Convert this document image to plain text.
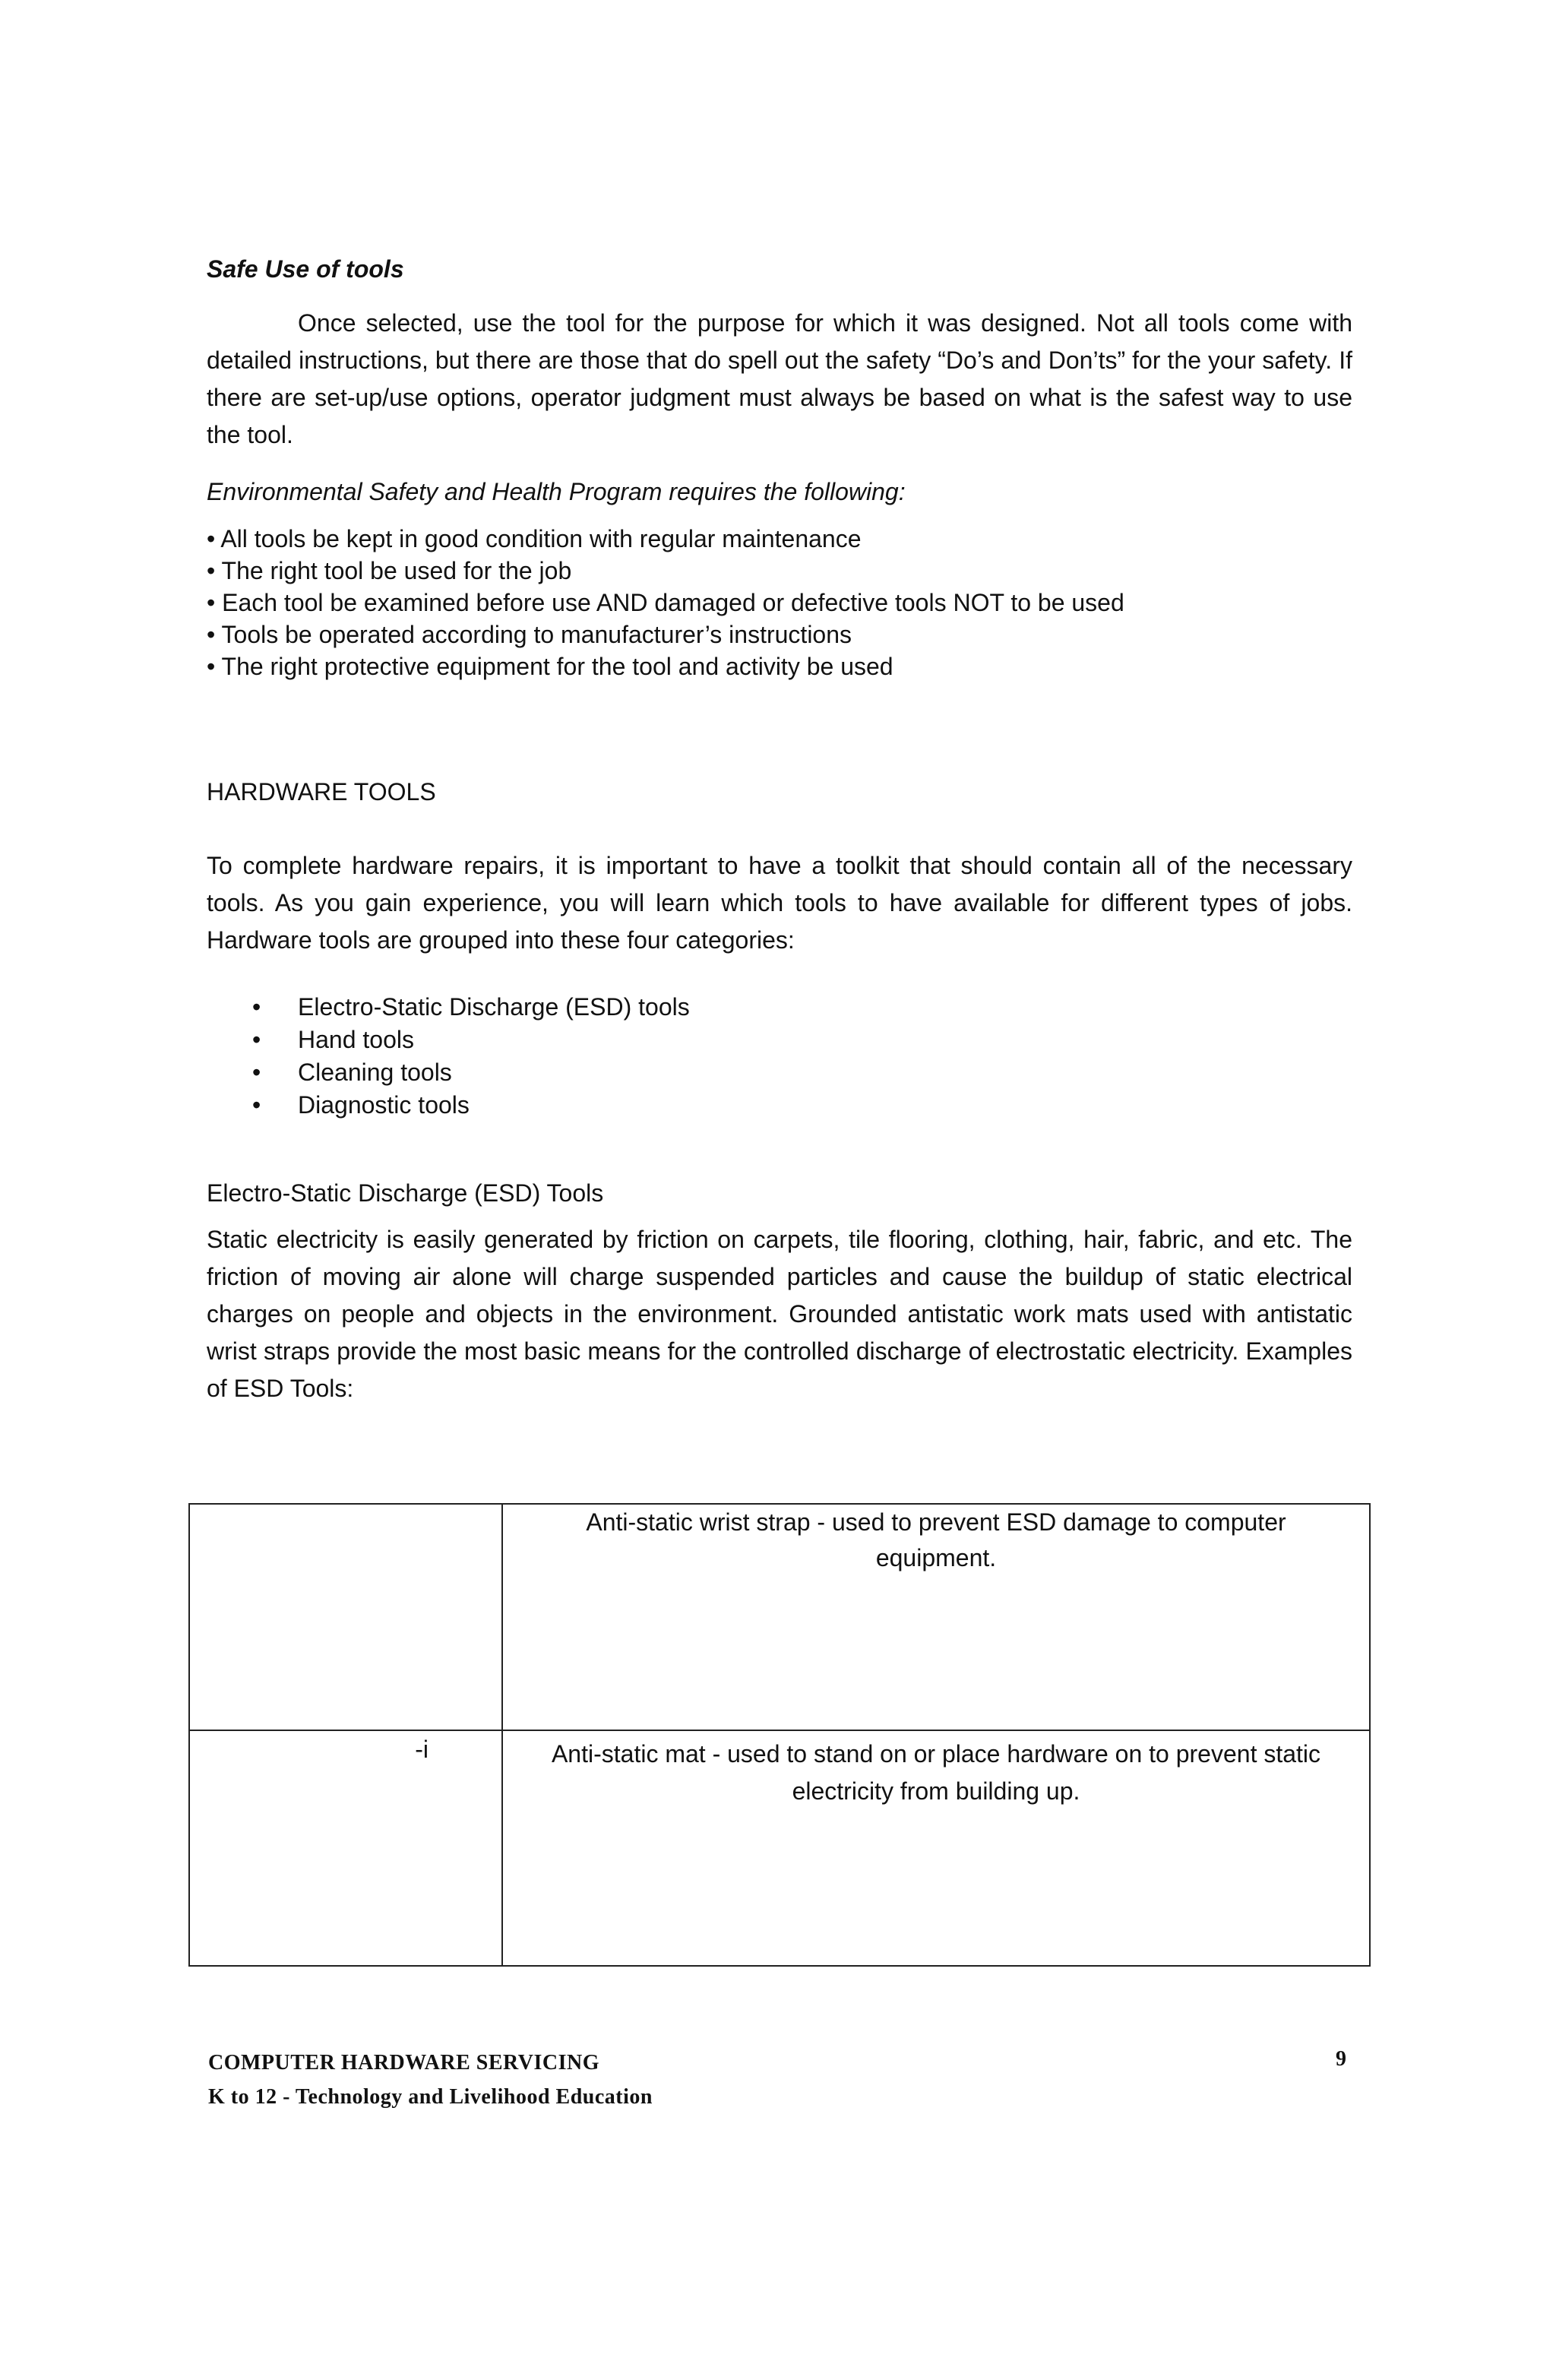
Safe Use of tools

Once selected, use the tool for the purpose for which it was designed. Not all tools come with detailed instructions, but there are those that do spell out the safety “Do’s and Don’ts” for the your safety. If there are set-up/use options, operator judgment must always be based on what is the safest way to use the tool.

Environmental Safety and Health Program requires the following:

• All tools be kept in good condition with regular maintenance
• The right tool be used for the job
• Each tool be examined before use AND damaged or defective tools NOT to be used
• Tools be operated according to manufacturer’s instructions
• The right protective equipment for the tool and activity be used

HARDWARE TOOLS

To complete hardware repairs, it is important to have a toolkit that should contain all of the necessary tools. As you gain experience, you will learn which tools to have available for different types of jobs. Hardware tools are grouped into these four categories:

• Electro-Static Discharge (ESD) tools
• Hand tools
• Cleaning tools
• Diagnostic tools

Electro-Static Discharge (ESD) Tools

Static electricity is easily generated by friction on carpets, tile flooring, clothing, hair, fabric, and etc. The friction of moving air alone will charge suspended particles and cause the buildup of static electrical charges on people and objects in the environment. Grounded antistatic work mats used with antistatic wrist straps provide the most basic means for the controlled discharge of electrostatic electricity. Examples of ESD Tools:

	Anti-static wrist strap - used to prevent ESD damage to computer equipment.

-i	Anti-static mat - used to stand on or place hardware on to prevent static electricity from building up.
COMPUTER HARDWARE SERVICING
K to 12 - Technology and Livelihood Education
9
